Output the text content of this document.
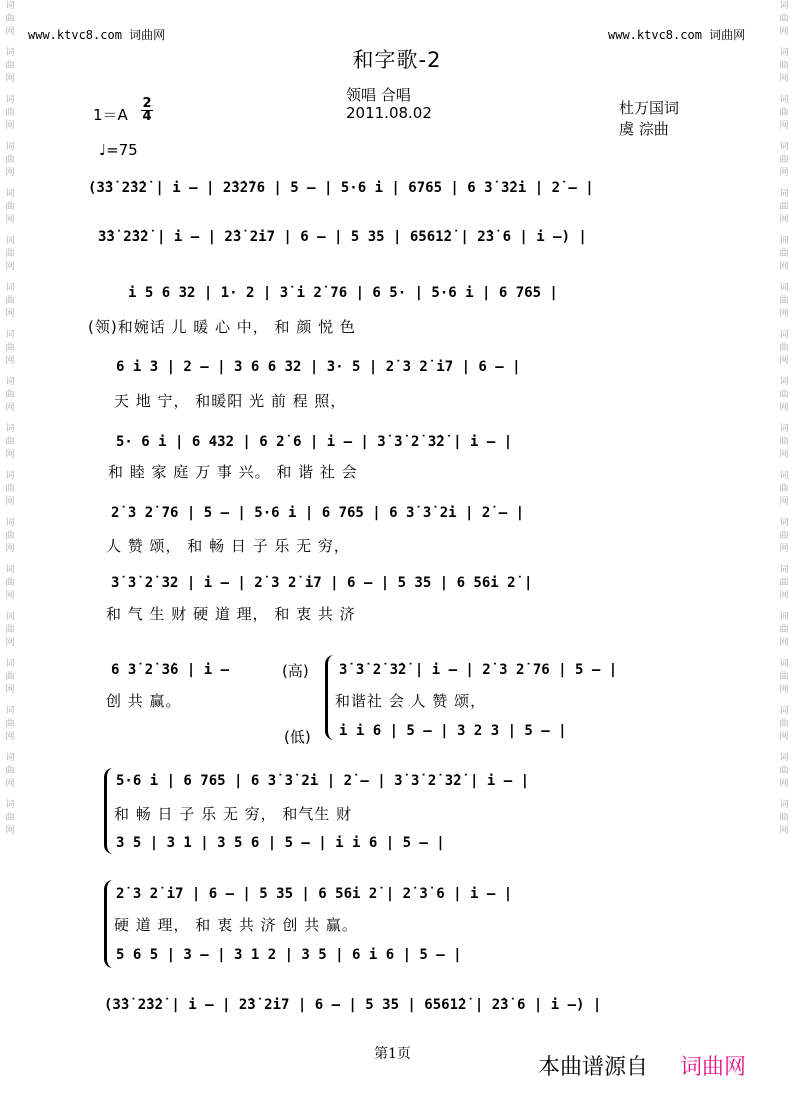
词曲网
词曲网
词曲网
词曲网
词曲网
词曲网
词曲网
词曲网
词曲网
词曲网
词曲网
词曲网
词曲网
词曲网
词曲网
词曲网
词曲网
词曲网
词曲网
词曲网
词曲网
词曲网
词曲网
词曲网
词曲网
词曲网
词曲网
词曲网
词曲网
词曲网
词曲网
词曲网
词曲网
词曲网
词曲网
词曲网
www.ktvc8.com 词曲网	www.ktvc8.com 词曲网
和字歌-2
领唱 合唱
2011.08.02
1＝A
2
4
♩=75
杜万国词
虞 淙曲
(3̇3̇ 2̇3̇2̇ | i – | 2̇3̇2̇76 | 5 – | 5·6 i | 6765 | 6 3̇ 3̇2̇i | 2̇ – |
3̇3̇ 2̇3̇2̇ | i – | 2̇3̇ 2̇i7 | 6 – | 5 35 | 6561̇2̇ | 2̇3̇ 6 | i –) |
i 5 6 32 | 1· 2 | 3̇ i 2̇ 76 | 6 5· | 5·6 i | 6 765 |
(领)和婉话 儿 暖 心 中， 和 颜 悦 色
6 i 3 | 2 – | 3 6 6 32 | 3· 5 | 2̇ 3 2̇ i7 | 6 – |
天 地 宁， 和暖阳 光 前 程 照，
5· 6 i | 6 432 | 6 2̇ 6 | i – | 3̇ 3̇ 2̇ 3̇2̇ | i – |
和 睦 家 庭 万 事 兴。 和 谐 社 会
2̇ 3 2̇ 76 | 5 – | 5·6 i | 6 765 | 6 3̇ 3̇ 2̇i | 2̇ – |
人 赞 颂， 和 畅 日 子 乐 无 穷，
3̇ 3̇ 2̇ 32 | i – | 2̇ 3 2̇ i7 | 6 – | 5 35 | 6 56i 2̇ |
和 气 生 财 硬 道 理， 和 衷 共 济
6 3̇ 2̇ 3̇6 | i –
创 共 赢。
(高)
(低)
3̇ 3̇ 2̇ 3̇2̇ | i – | 2̇ 3 2̇ 76 | 5 – |
和谐社 会 人 赞 颂，
i i 6 | 5 – | 3 2 3 | 5 – |
5·6 i | 6 765 | 6 3̇ 3̇ 2̇i | 2̇ – | 3̇ 3̇ 2̇ 3̇2̇ | i – |
和 畅 日 子 乐 无 穷， 和气生 财
3 5 | 3 1 | 3 5 6 | 5 – | i i 6 | 5 – |
2̇ 3 2̇ i7 | 6 – | 5 35 | 6 56i 2̇ | 2̇ 3̇ 6 | i – |
硬 道 理， 和 衷 共 济 创 共 赢。
5 6 5 | 3 – | 3 1 2 | 3 5 | 6 i 6 | 5 – |
(3̇3̇ 2̇3̇2̇ | i – | 2̇3̇ 2̇i7 | 6 – | 5 35 | 6561̇2̇ | 2̇3̇ 6 | i –) |
第1页
本曲谱源自 词曲网
